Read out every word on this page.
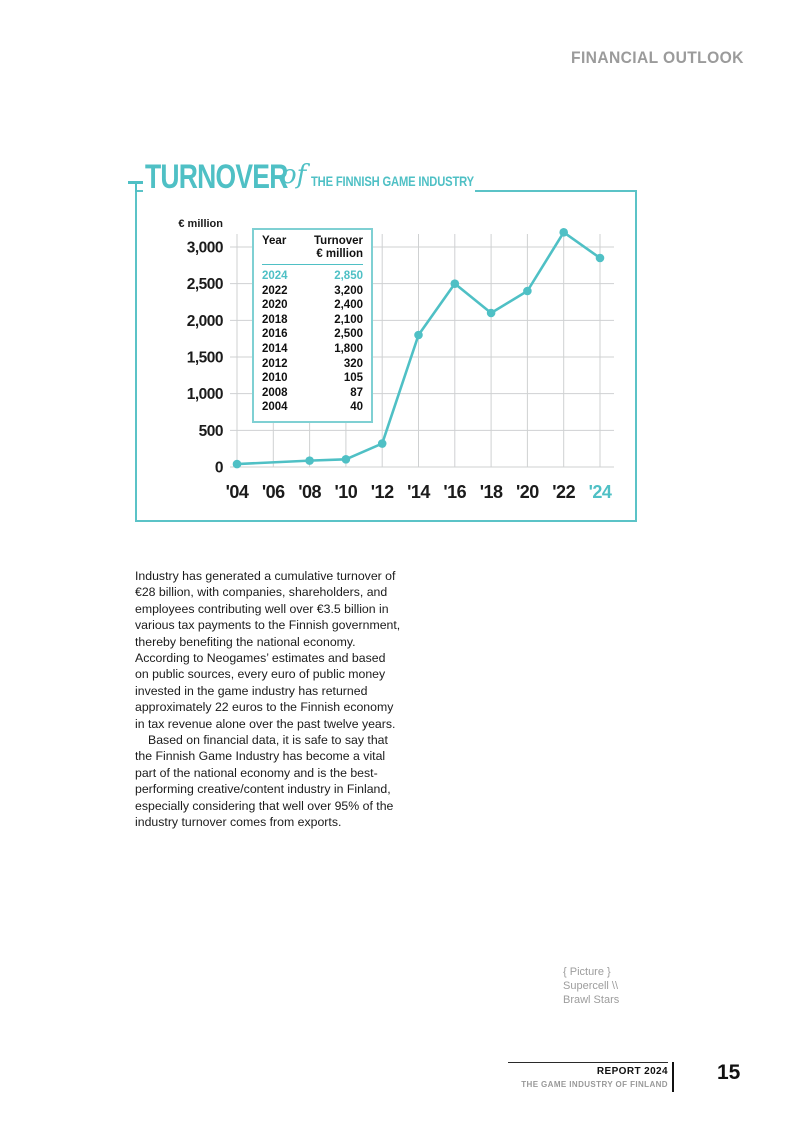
FINANCIAL OUTLOOK
TURNOVER
of THE FINNISH GAME INDUSTRY
0
500
1,000
1,500
2,000
2,500
3,000
€ million
'04 '06 '08 '10 '12 '14 '16 '18 '20 '22 '24
Year Turnover
€ million
2024	2,850
2022	3,200
2020	2,400
2018	2,100
2016	2,500
2014	1,800
2012	320
2010	105
2008	87
2004	40

Industry has generated a cumulative turnover of €28 billion, with companies, shareholders, and employees contributing well over €3.5 billion in various tax payments to the Finnish government, thereby benefiting the national economy. According to Neogames’ estimates and based on public sources, every euro of public money invested in the game industry has returned approximately 22 euros to the Finnish economy in tax revenue alone over the past twelve years.

Based on financial data, it is safe to say that the Finnish Game Industry has become a vital part of the national economy and is the best-performing creative/content industry in Finland, especially considering that well over 95% of the industry turnover comes from exports.

{ Picture }
Supercell \\
Brawl Stars
REPORT 2024
THE GAME INDUSTRY OF FINLAND
15
